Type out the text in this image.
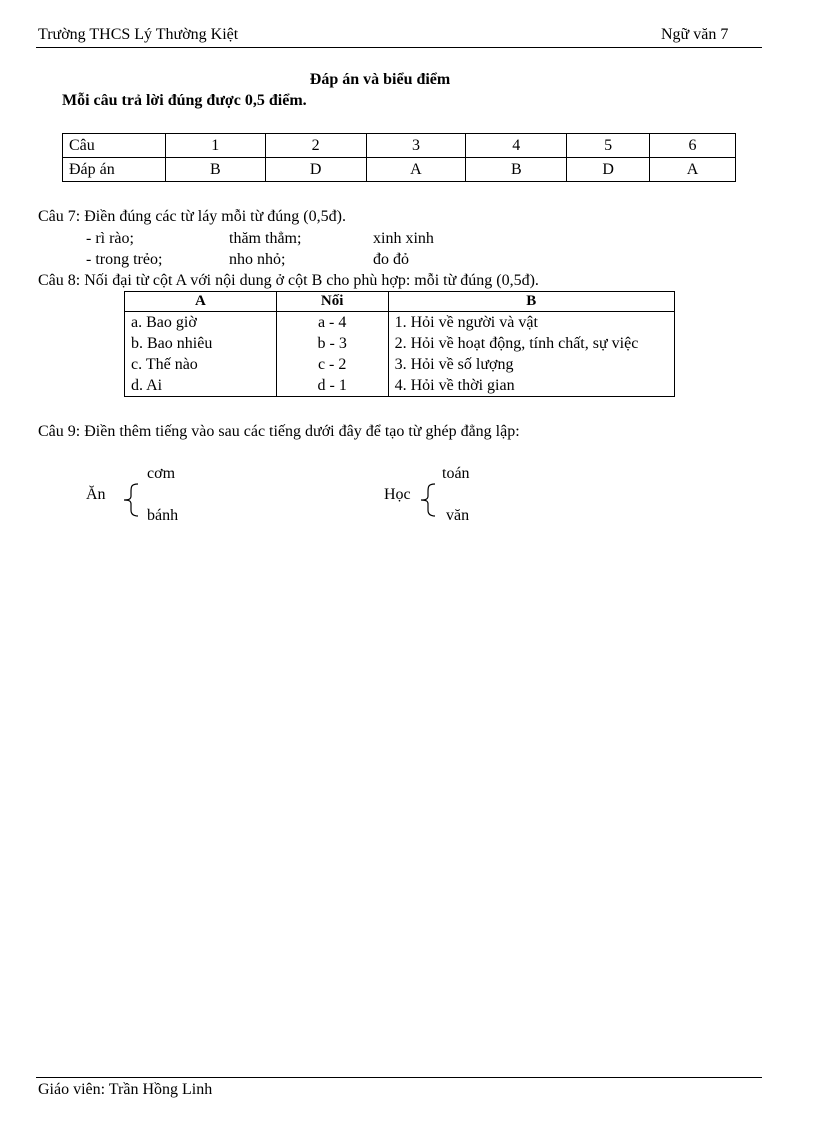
Trường THCS Lý Thường Kiệt	Ngữ văn 7
Đáp án và biểu điểm
Mỗi câu trả lời đúng được 0,5 điểm.
Câu	1	2	3	4	5	6
Đáp án	B	D	A	B	D	A
Câu 7: Điền đúng các từ láy mỗi từ đúng (0,5đ).
- rì rào;	thăm thẳm;	xinh xinh
- trong trẻo;	nho nhỏ;	đo đỏ
Câu 8: Nối đại từ cột A với nội dung ở cột B cho phù hợp: mỗi từ đúng (0,5đ).
A	Nối	B
a. Bao giờ	a - 4	1. Hỏi về người và vật
b. Bao nhiêu	b - 3	2. Hỏi về hoạt động, tính chất, sự việc
c. Thế nào	c - 2	3. Hỏi về số lượng
d. Ai	d - 1	4. Hỏi về thời gian
Câu 9: Điền thêm tiếng vào sau các tiếng dưới đây để tạo từ ghép đẳng lập:
cơm
Ăn
bánh
toán
Học
văn
Giáo viên: Trần Hồng Linh
